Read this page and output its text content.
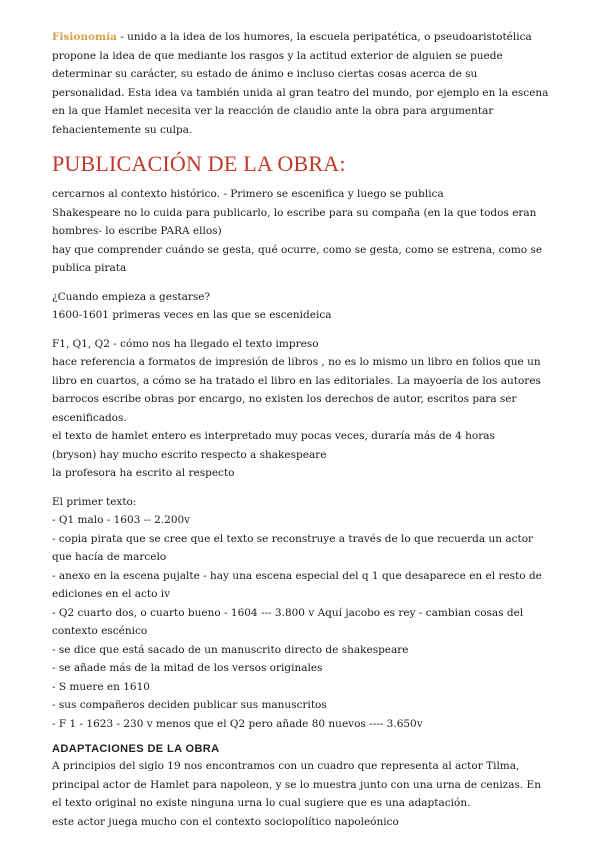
Fisionomía - unido a la idea de los humores, la escuela peripatética, o pseudoaristotélica propone la idea de que mediante los rasgos y la actitud exterior de alguien se puede determinar su carácter, su estado de ánimo e incluso ciertas cosas acerca de su personalidad. Esta idea va también unida al gran teatro del mundo, por ejemplo en la escena en la que Hamlet necesita ver la reacción de claudio ante la obra para argumentar fehacientemente su culpa.

PUBLICACIÓN DE LA OBRA:

cercarnos al contexto histórico. - Primero se escenifica y luego se publica
Shakespeare no lo cuida para publicarlo, lo escribe para su compaña (en la que todos eran hombres- lo escribe PARA ellos)
hay que comprender cuándo se gesta, qué ocurre, como se gesta, como se estrena, como se publica pirata

¿Cuando empieza a gestarse?
1600-1601 primeras veces en las que se escenideica

F1, Q1, Q2 - cómo nos ha llegado el texto impreso
hace referencia a formatos de impresión de libros , no es lo mismo un libro en folios que un libro en cuartos, a cómo se ha tratado el libro en las editoriales. La mayoería de los autores barrocos escribe obras por encargo, no existen los derechos de autor, escritos para ser escenificados.
el texto de hamlet entero es interpretado muy pocas veces, duraría más de 4 horas
(bryson) hay mucho escrito respecto a shakespeare
la profesora ha escrito al respecto

El primer texto:
- Q1 malo - 1603 -- 2.200v
- copia pirata que se cree que el texto se reconstruye a través de lo que recuerda un actor que hacía de marcelo
- anexo en la escena pujalte - hay una escena especial del q 1 que desaparece en el resto de ediciones en el acto iv
- Q2 cuarto dos, o cuarto bueno - 1604 --- 3.800 v Aquí jacobo es rey - cambian cosas del contexto escénico
- se dice que está sacado de un manuscrito directo de shakespeare
- se añade más de la mitad de los versos originales
- S muere en 1610
- sus compañeros deciden publicar sus manuscritos
- F 1 - 1623 - 230 v menos que el Q2 pero añade 80 nuevos ---- 3.650v

ADAPTACIONES DE LA OBRA

A principios del siglo 19 nos encontramos con un cuadro que representa al actor Tilma, principal actor de Hamlet para napoleon, y se lo muestra junto con una urna de cenizas. En el texto original no existe ninguna urna lo cual sugiere que es una adaptación.
este actor juega mucho con el contexto sociopolítico napoleónico
